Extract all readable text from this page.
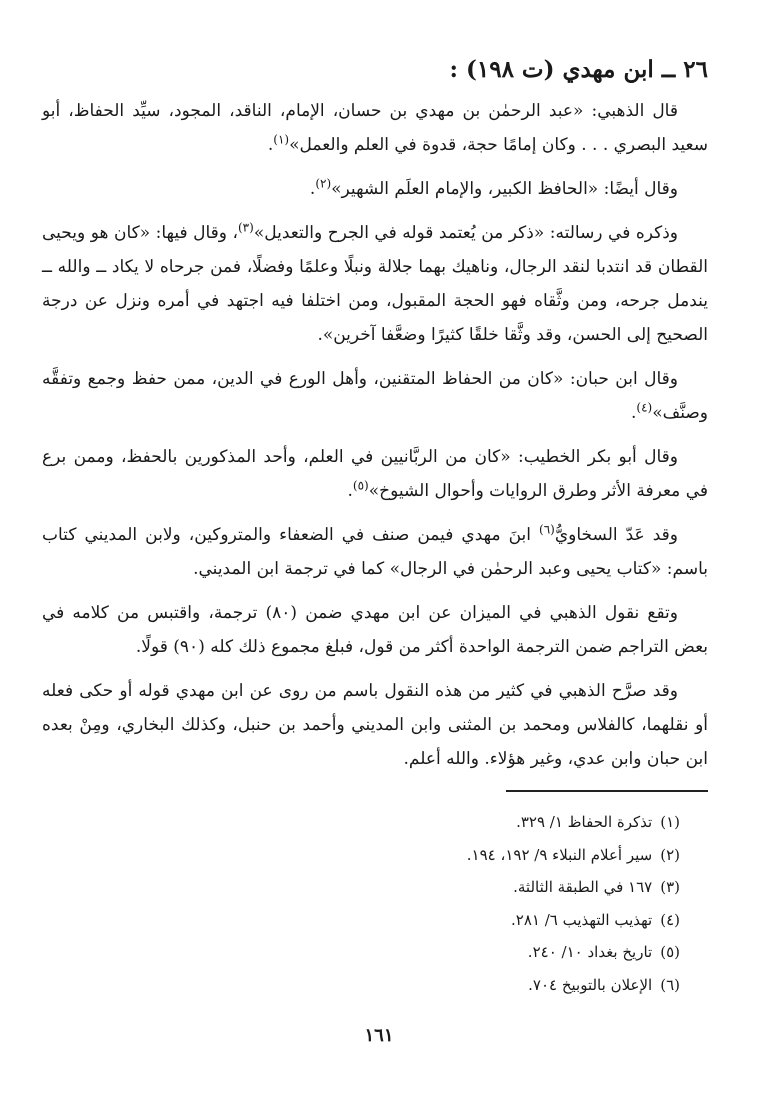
٢٦ ــ ابن مهدي (ت ١٩٨) :

قال الذهبي: «عبد الرحمٰن بن مهدي بن حسان، الإمام، الناقد، المجود، سيِّد الحفاظ، أبو سعيد البصري . . . وكان إمامًا حجة، قدوة في العلم والعمل»$^{(١)}$.

وقال أيضًا: «الحافظ الكبير، والإمام العلَم الشهير»$^{(٢)}$.

وذكره في رسالته: «ذكر من يُعتمد قوله في الجرح والتعديل»$^{(٣)}$، وقال فيها: «كان هو ويحيى القطان قد انتدبا لنقد الرجال، وناهيك بهما جلالة ونبلًا وعلمًا وفضلًا، فمن جرحاه لا يكاد ــ والله ــ يندمل جرحه، ومن وثَّقاه فهو الحجة المقبول، ومن اختلفا فيه اجتهد في أمره ونزل عن درجة الصحيح إلى الحسن، وقد وثَّقا خلقًا كثيرًا وضعَّفا آخرين».

وقال ابن حبان: «كان من الحفاظ المتقنين، وأهل الورع في الدين، ممن حفظ وجمع وتفقَّه وصنَّف»$^{(٤)}$.

وقال أبو بكر الخطيب: «كان من الربَّانيين في العلم، وأحد المذكورين بالحفظ، وممن برع في معرفة الأثر وطرق الروايات وأحوال الشيوخ»$^{(٥)}$.

وقد عَدّ السخاويُّ$^{(٦)}$ ابنَ مهدي فيمن صنف في الضعفاء والمتروكين، ولابن المديني كتاب باسم: «كتاب يحيى وعبد الرحمٰن في الرجال» كما في ترجمة ابن المديني.

وتقع نقول الذهبي في الميزان عن ابن مهدي ضمن (٨٠) ترجمة، واقتبس من كلامه في بعض التراجم ضمن الترجمة الواحدة أكثر من قول، فبلغ مجموع ذلك كله (٩٠) قولًا.

وقد صرَّح الذهبي في كثير من هذه النقول باسم من روى عن ابن مهدي قوله أو حكى فعله أو نقلهما، كالفلاس ومحمد بن المثنى وابن المديني وأحمد بن حنبل، وكذلك البخاري، ومِنْ بعده ابن حبان وابن عدي، وغير هؤلاء. والله أعلم.

(١)تذكرة الحفاظ ١/ ٣٢٩.
(٢)سير أعلام النبلاء ٩/ ١٩٢، ١٩٤.
(٣)١٦٧ في الطبقة الثالثة.
(٤)تهذيب التهذيب ٦/ ٢٨١.
(٥)تاريخ بغداد ١٠/ ٢٤٠.
(٦)الإعلان بالتوبيخ ٧٠٤.
١٦١
